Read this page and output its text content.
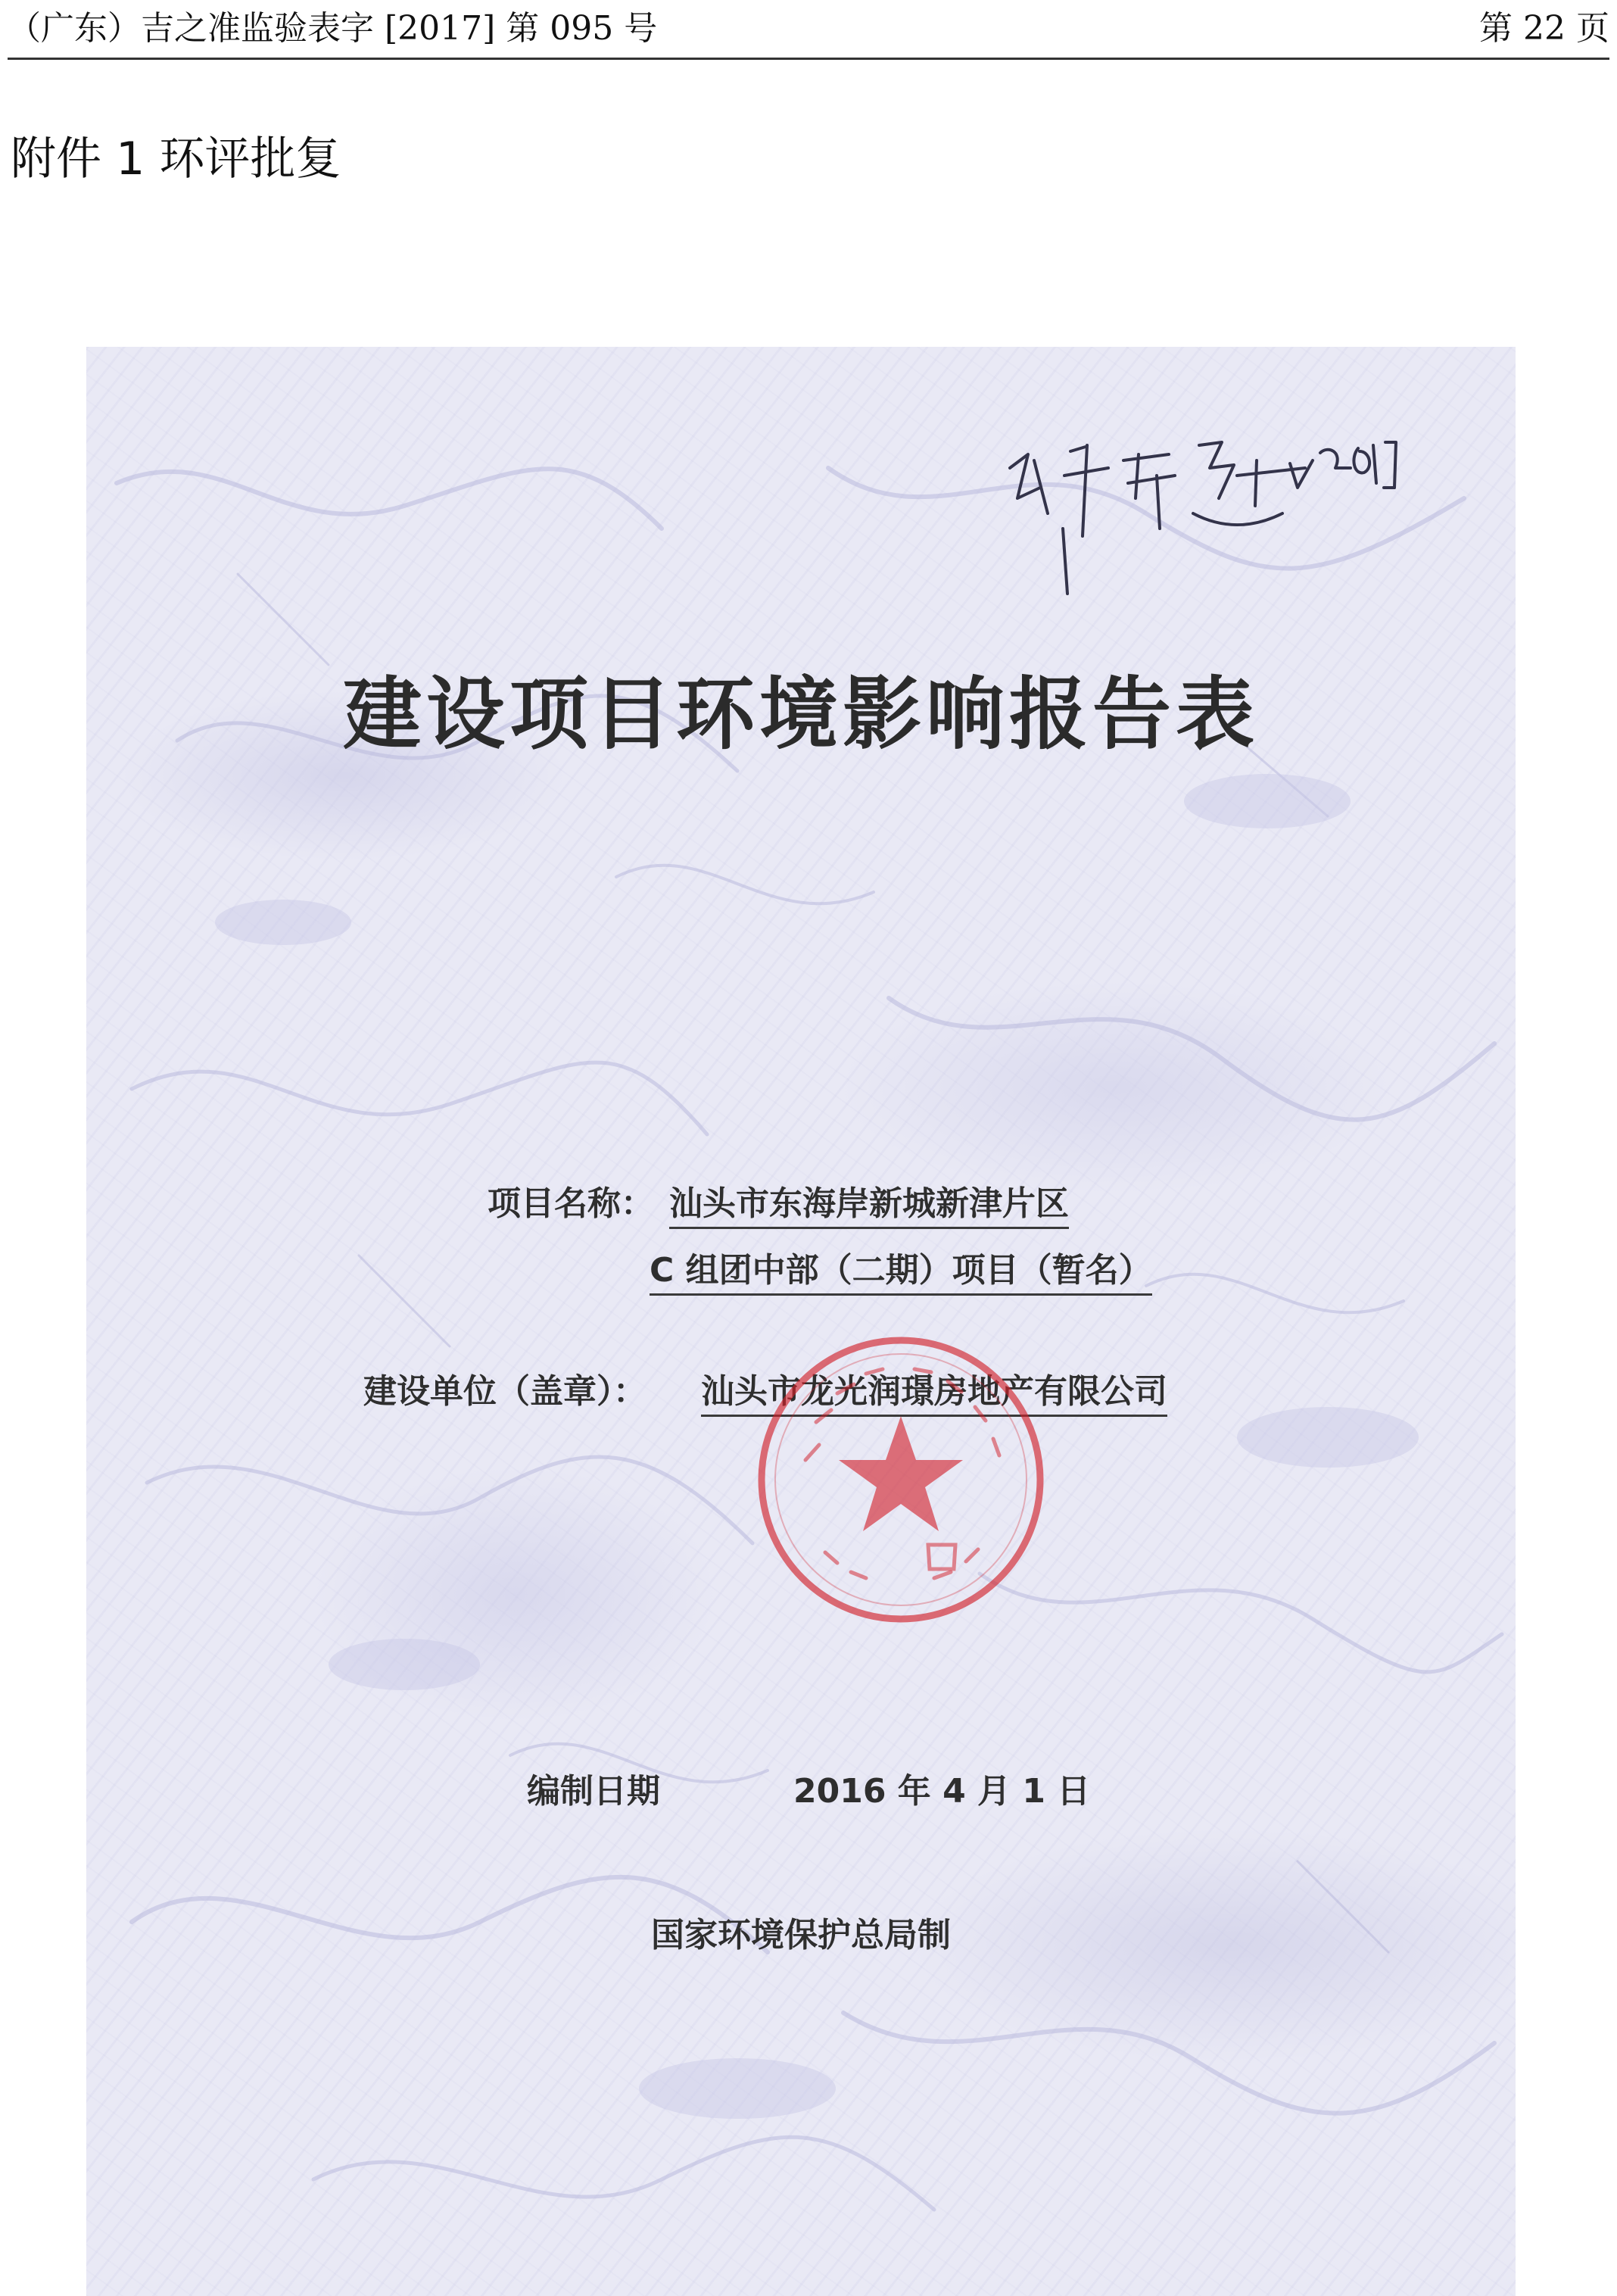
（广东）吉之准监验表字 [2017] 第 095 号	第 22 页
附件 1 环评批复
建设项目环境影响报告表
项目名称： 汕头市东海岸新城新津片区
C 组团中部（二期）项目（暂名）
建设单位（盖章）： 汕头市龙光润璟房地产有限公司
编制日期	2016 年 4 月 1 日
国家环境保护总局制
